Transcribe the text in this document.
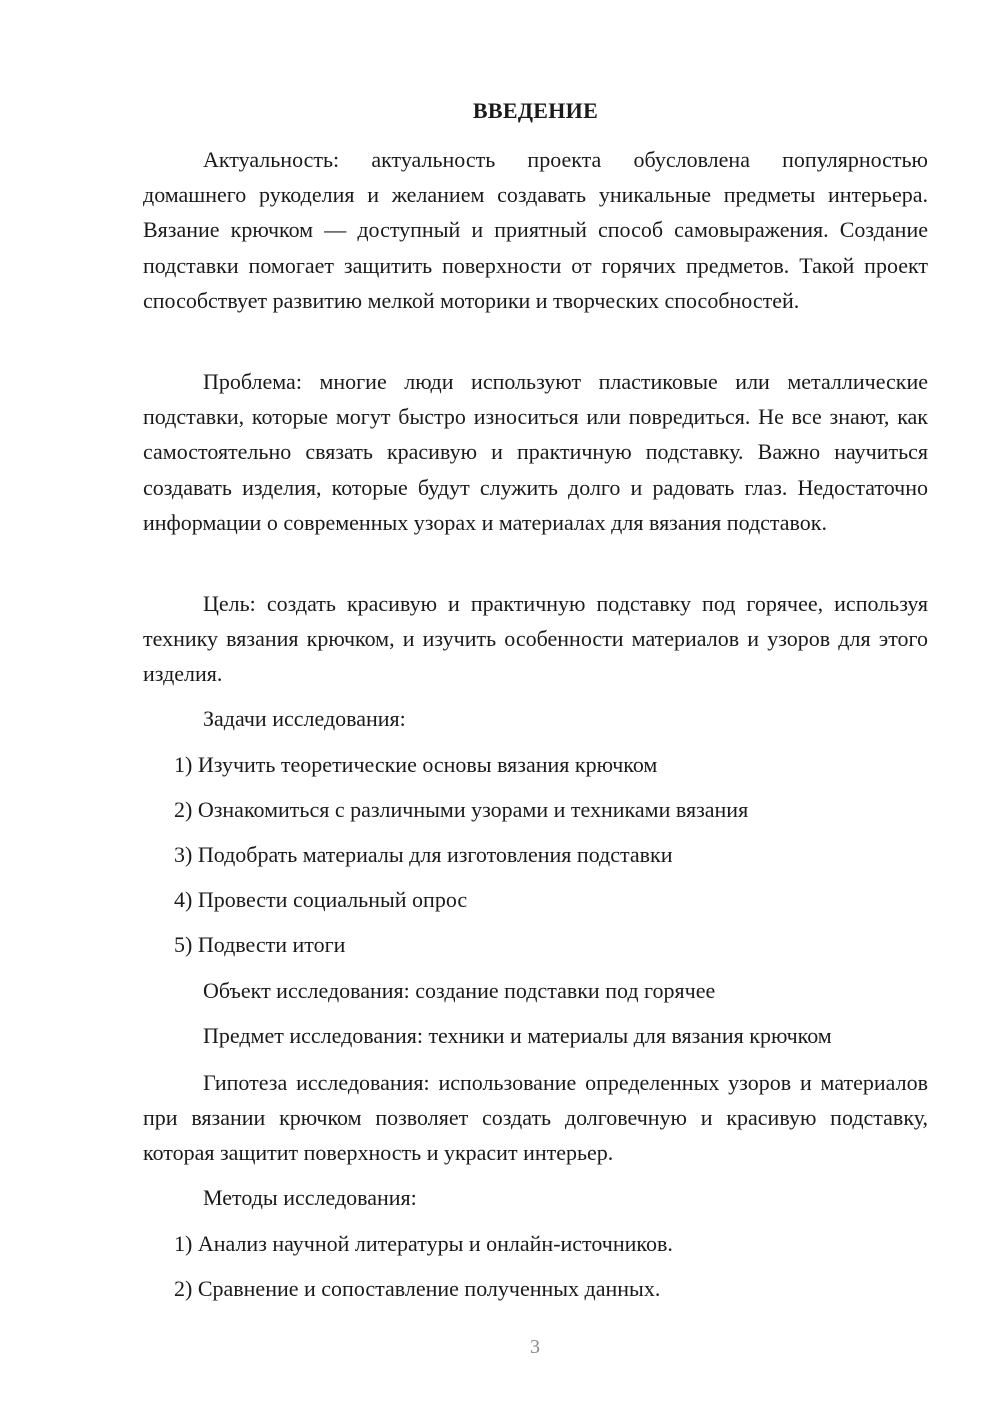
ВВЕДЕНИЕ

Актуальность: актуальность проекта обусловлена популярностью домашнего рукоделия и желанием создавать уникальные предметы интерьера. Вязание крючком — доступный и приятный способ самовыражения. Создание подставки помогает защитить поверхности от горячих предметов. Такой проект способствует развитию мелкой моторики и творческих способностей.

Проблема: многие люди используют пластиковые или металлические подставки, которые могут быстро износиться или повредиться. Не все знают, как самостоятельно связать красивую и практичную подставку. Важно научиться создавать изделия, которые будут служить долго и радовать глаз. Недостаточно информации о современных узорах и материалах для вязания подставок.

Цель: создать красивую и практичную подставку под горячее, используя технику вязания крючком, и изучить особенности материалов и узоров для этого изделия.

Задачи исследования:

1) Изучить теоретические основы вязания крючком

2) Ознакомиться с различными узорами и техниками вязания

3) Подобрать материалы для изготовления подставки

4) Провести социальный опрос

5) Подвести итоги

Объект исследования: создание подставки под горячее

Предмет исследования: техники и материалы для вязания крючком

Гипотеза исследования: использование определенных узоров и материалов при вязании крючком позволяет создать долговечную и красивую подставку, которая защитит поверхность и украсит интерьер.

Методы исследования:

1) Анализ научной литературы и онлайн-источников.

2) Сравнение и сопоставление полученных данных.

3
